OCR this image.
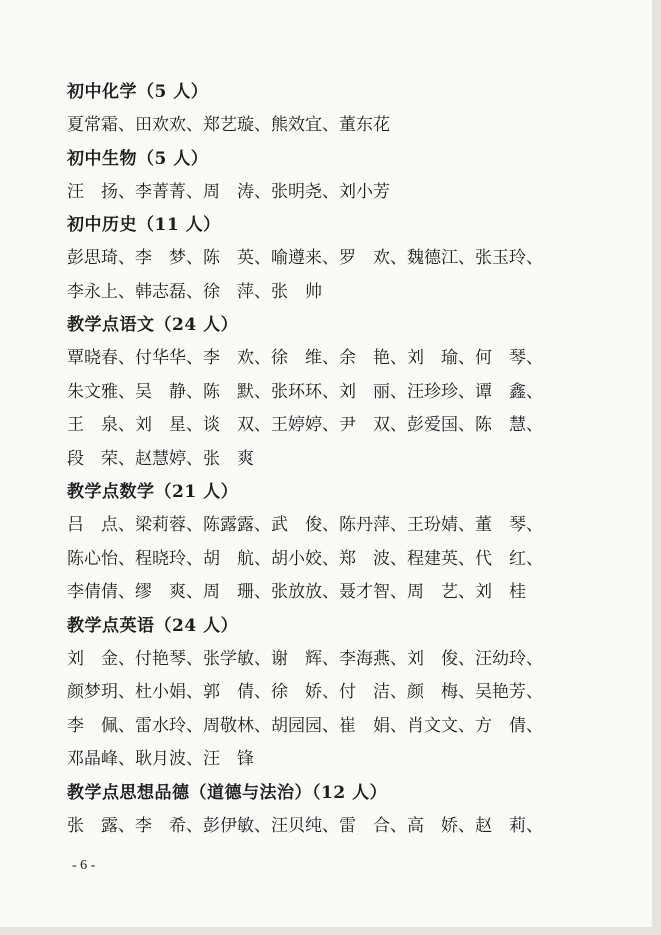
初中化学（5 人）
夏常霜、田欢欢、郑艺璇、熊效宜、董东花
初中生物（5 人）
汪　扬、李菁菁、周　涛、张明尧、刘小芳
初中历史（11 人）
彭思琦、李　梦、陈　英、喻遵来、罗　欢、魏德江、张玉玲、
李永上、韩志磊、徐　萍、张　帅
教学点语文（24 人）
覃晓春、付华华、李　欢、徐　维、余　艳、刘　瑜、何　琴、
朱文雅、吴　静、陈　默、张环环、刘　丽、汪珍珍、谭　鑫、
王　泉、刘　星、谈　双、王婷婷、尹　双、彭爱国、陈　慧、
段　荣、赵慧婷、张　爽
教学点数学（21 人）
吕　点、梁莉蓉、陈露露、武　俊、陈丹萍、王玢婧、董　琴、
陈心怡、程晓玲、胡　航、胡小姣、郑　波、程建英、代　红、
李倩倩、缪　爽、周　珊、张放放、聂才智、周　艺、刘　桂
教学点英语（24 人）
刘　金、付艳琴、张学敏、谢　辉、李海燕、刘　俊、汪幼玲、
颜梦玥、杜小娟、郭　倩、徐　娇、付　洁、颜　梅、吴艳芳、
李　佩、雷水玲、周敬林、胡园园、崔　娟、肖文文、方　倩、
邓晶峰、耿月波、汪　锋
教学点思想品德（道德与法治）（12 人）
张　露、李　希、彭伊敏、汪贝纯、雷　合、高　娇、赵　莉、
- 6 -
